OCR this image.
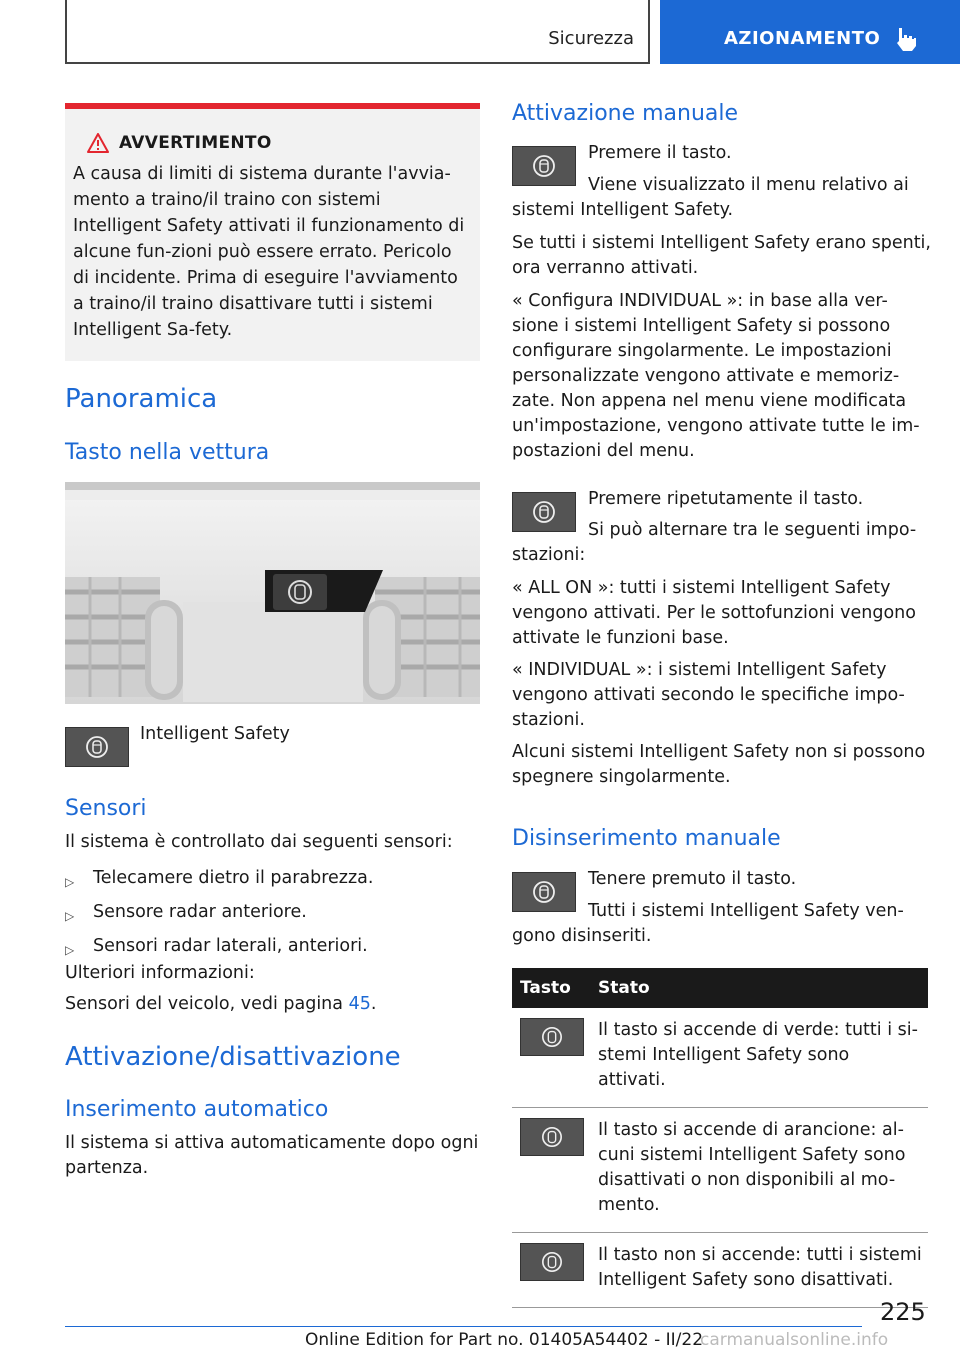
Sicurezza	AZIONAMENTO
AVVERTIMENTO
A causa di limiti di sistema durante l'avvia-mento a traino/il traino con sistemi Intelligent Safety attivati il funzionamento di alcune fun-zioni può essere errato. Pericolo di incidente. Prima di eseguire l'avviamento a traino/il traino disattivare tutti i sistemi Intelligent Sa-fety.
Panoramica
Tasto nella vettura
Intelligent Safety
Sensori
Il sistema è controllato dai seguenti sensori:
▷ Telecamere dietro il parabrezza.
▷ Sensore radar anteriore.
▷ Sensori radar laterali, anteriori.
Ulteriori informazioni:
Sensori del veicolo, vedi pagina 45.
Attivazione/disattivazione
Inserimento automatico
Il sistema si attiva automaticamente dopo ogni partenza.
Attivazione manuale
Premere il tasto.
Viene visualizzato il menu relativo ai sistemi Intelligent Safety.
Se tutti i sistemi Intelligent Safety erano spenti, ora verranno attivati.
« Configura INDIVIDUAL »: in base alla ver-sione i sistemi Intelligent Safety si possono configurare singolarmente. Le impostazioni personalizzate vengono attivate e memoriz-zate. Non appena nel menu viene modificata un'impostazione, vengono attivate tutte le im-postazioni del menu.
Premere ripetutamente il tasto.
Si può alternare tra le seguenti impo-stazioni:
« ALL ON »: tutti i sistemi Intelligent Safety vengono attivati. Per le sottofunzioni vengono attivate le funzioni base.
« INDIVIDUAL »: i sistemi Intelligent Safety vengono attivati secondo le specifiche impo-stazioni.
Alcuni sistemi Intelligent Safety non si possono spegnere singolarmente.
Disinserimento manuale
Tenere premuto il tasto.
Tutti i sistemi Intelligent Safety ven-gono disinseriti.
Tasto	Stato

	Il tasto si accende di verde: tutti i si-stemi Intelligent Safety sono attivati.

	Il tasto si accende di arancione: al-cuni sistemi Intelligent Safety sono disattivati o non disponibili al mo-mento.

	Il tasto non si accende: tutti i sistemi Intelligent Safety sono disattivati.
225
Online Edition for Part no. 01405A54402 - II/22
carmanualsonline.info
